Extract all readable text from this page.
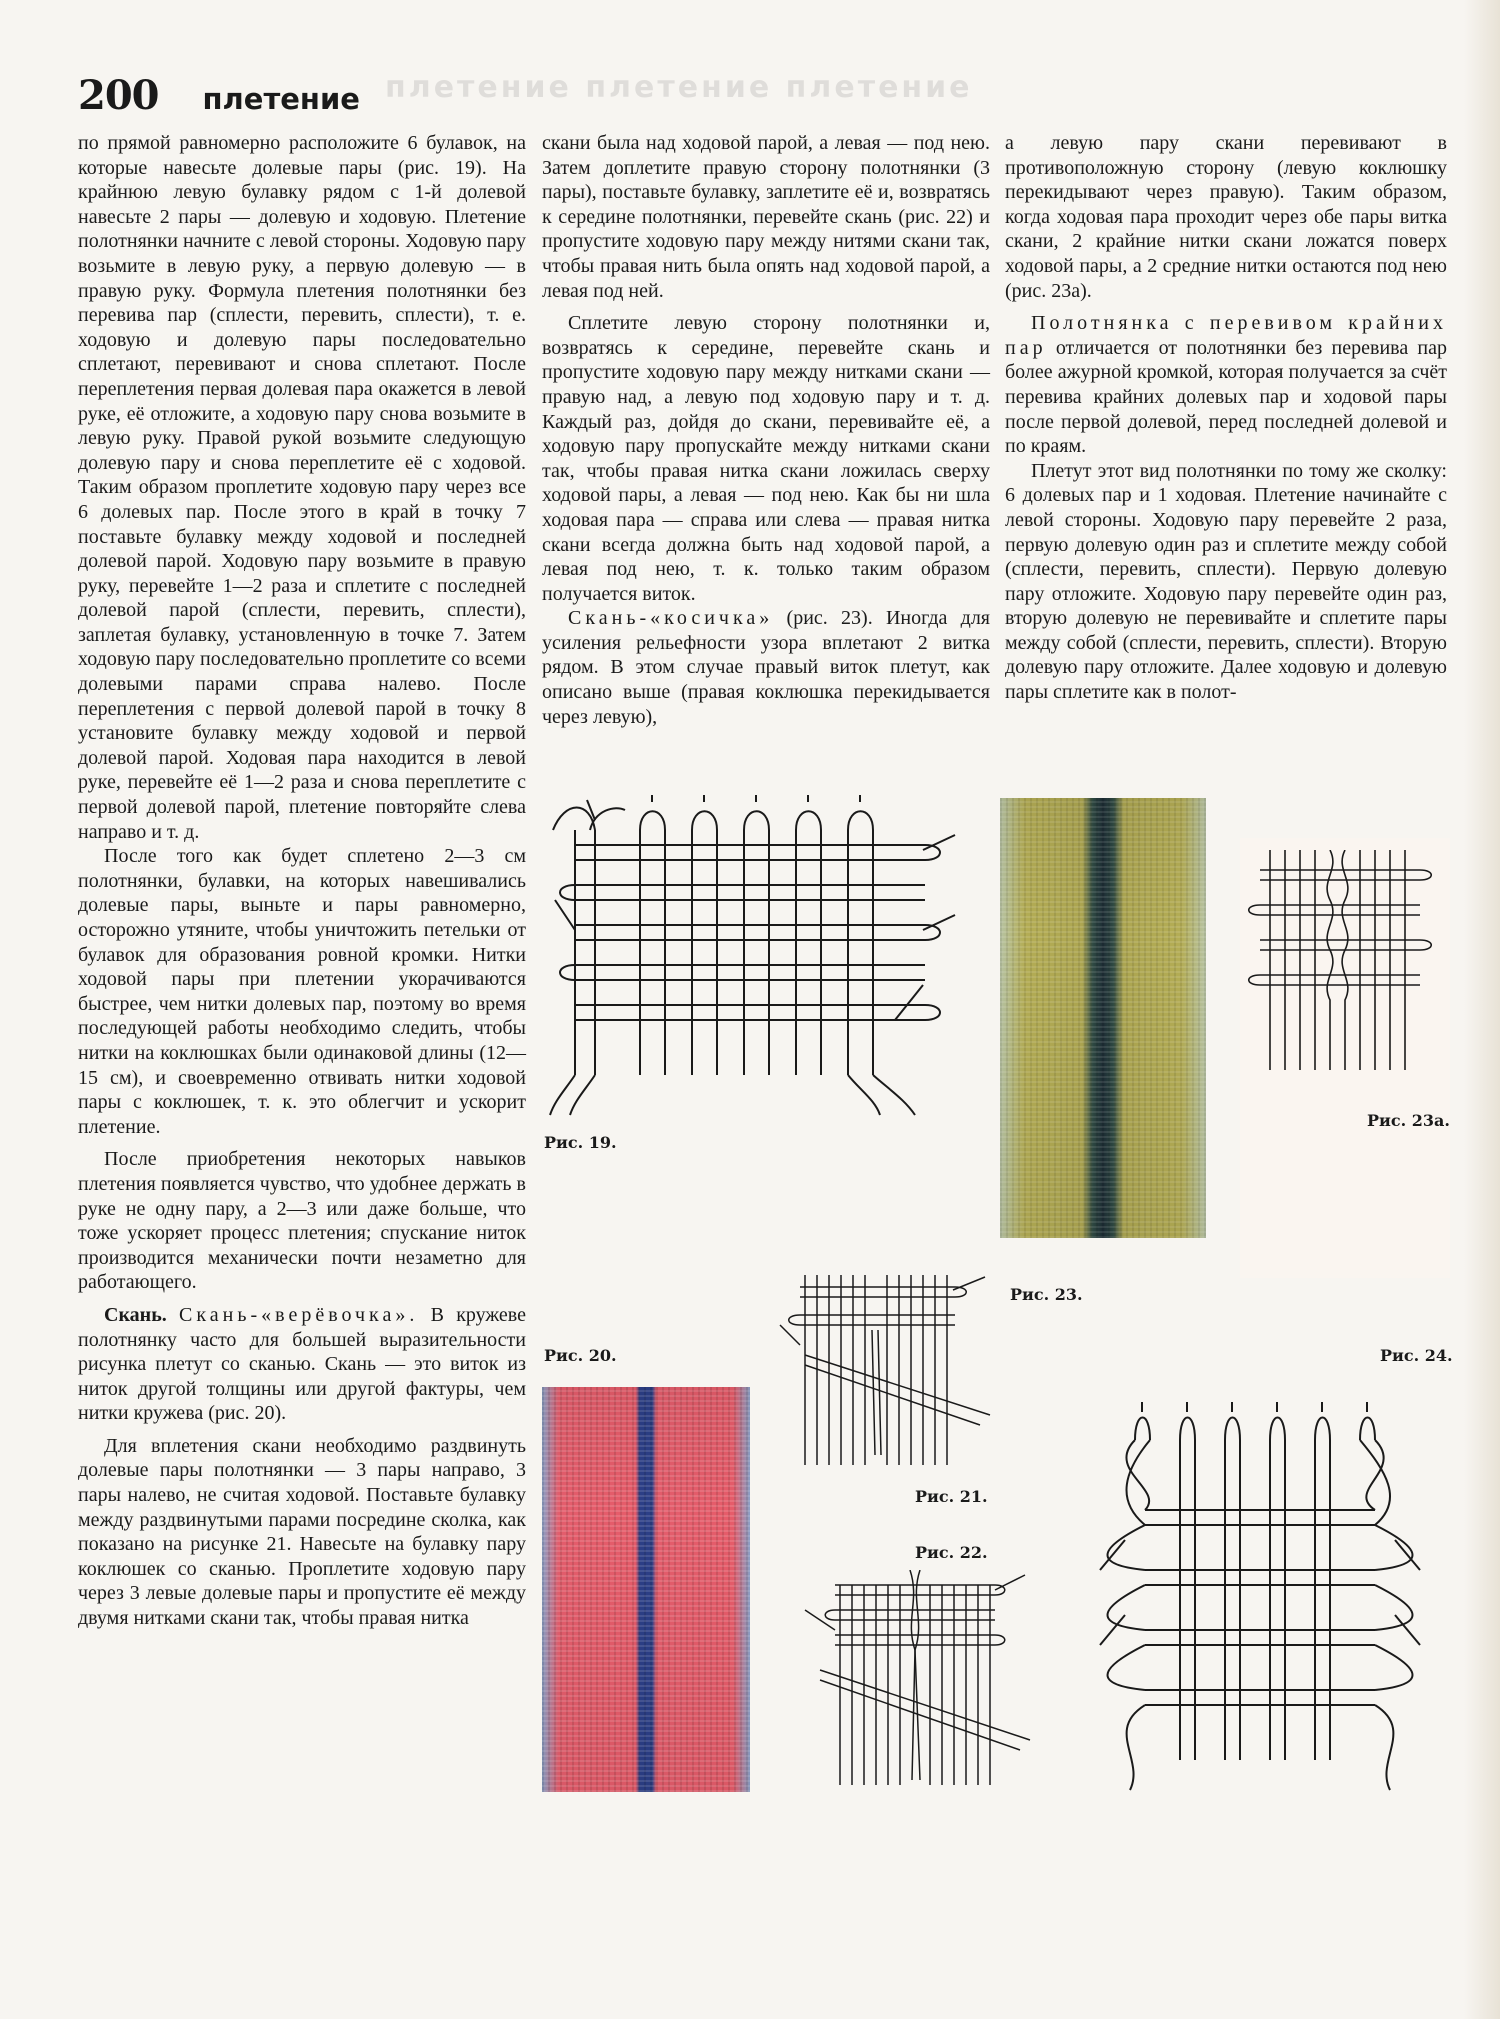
плетение плетение плетение
200 плетение

по прямой равномерно расположите 6 булавок, на которые навесьте долевые пары (рис. 19). На крайнюю левую булавку рядом с 1-й долевой навесьте 2 пары — долевую и ходовую. Плетение полотнянки начните с левой стороны. Ходовую пару возьмите в левую руку, а первую долевую — в правую руку. Формула плетения полотнянки без перевива пар (сплести, перевить, сплести), т. е. ходовую и долевую пары последовательно сплетают, перевивают и снова сплетают. После переплетения первая долевая пара окажется в левой руке, её отложите, а ходовую пару снова возьмите в левую руку. Правой рукой возьмите следующую долевую пару и снова переплетите её с ходовой. Таким образом проплетите ходовую пару через все 6 долевых пар. После этого в край в точку 7 поставьте булавку между ходовой и последней долевой парой. Ходовую пару возьмите в правую руку, перевейте 1—2 раза и сплетите с последней долевой парой (сплести, перевить, сплести), заплетая булавку, установленную в точке 7. Затем ходовую пару последовательно проплетите со всеми долевыми парами справа налево. После переплетения с первой долевой парой в точку 8 установите булавку между ходовой и первой долевой парой. Ходовая пара находится в левой руке, перевейте её 1—2 раза и снова переплетите с первой долевой парой, плетение повторяйте слева направо и т. д.

После того как будет сплетено 2—3 см полотнянки, булавки, на которых навешивались долевые пары, выньте и пары равномерно, осторожно утяните, чтобы уничтожить петельки от булавок для образования ровной кромки. Нитки ходовой пары при плетении укорачиваются быстрее, чем нитки долевых пар, поэтому во время последующей работы необходимо следить, чтобы нитки на коклюшках были одинаковой длины (12—15 см), и своевременно отвивать нитки ходовой пары с коклюшек, т. к. это облегчит и ускорит плетение.

После приобретения некоторых навыков плетения появляется чувство, что удобнее держать в руке не одну пару, а 2—3 или даже больше, что тоже ускоряет процесс плетения; спускание ниток производится механически почти незаметно для работающего.

Скань. Скань-«верёвочка». В кружеве полотнянку часто для большей выразительности рисунка плетут со сканью. Скань — это виток из ниток другой толщины или другой фактуры, чем нитки кружева (рис. 20).

Для вплетения скани необходимо раздвинуть долевые пары полотнянки — 3 пары направо, 3 пары налево, не считая ходовой. Поставьте булавку между раздвинутыми парами посредине сколка, как показано на рисунке 21. Навесьте на булавку пару коклюшек со сканью. Проплетите ходовую пару через 3 левые долевые пары и пропустите её между двумя нитками скани так, чтобы правая нитка

скани была над ходовой парой, а левая — под нею. Затем доплетите правую сторону полотнянки (3 пары), поставьте булавку, заплетите её и, возвратясь к середине полотнянки, перевейте скань (рис. 22) и пропустите ходовую пару между нитями скани так, чтобы правая нить была опять над ходовой парой, а левая под ней.

Сплетите левую сторону полотнянки и, возвратясь к середине, перевейте скань и пропустите ходовую пару между нитками скани — правую над, а левую под ходовую пару и т. д. Каждый раз, дойдя до скани, перевивайте её, а ходовую пару пропускайте между нитками скани так, чтобы правая нитка скани ложилась сверху ходовой пары, а левая — под нею. Как бы ни шла ходовая пара — справа или слева — правая нитка скани всегда должна быть над ходовой парой, а левая под нею, т. к. только таким образом получается виток.

Скань-«косичка» (рис. 23). Иногда для усиления рельефности узора вплетают 2 витка рядом. В этом случае правый виток плетут, как описано выше (правая коклюшка перекидывается через левую),

а левую пару скани перевивают в противоположную сторону (левую коклюшку перекидывают через правую). Таким образом, когда ходовая пара проходит через обе пары витка скани, 2 крайние нитки скани ложатся поверх ходовой пары, а 2 средние нитки остаются под нею (рис. 23а).

Полотнянка с перевивом крайних пар отличается от полотнянки без перевива пар более ажурной кромкой, которая получается за счёт перевива крайних долевых пар и ходовой пары после первой долевой, перед последней долевой и по краям.

Плетут этот вид полотнянки по тому же сколку: 6 долевых пар и 1 ходовая. Плетение начинайте с левой стороны. Ходовую пару перевейте 2 раза, первую долевую один раз и сплетите между собой (сплести, перевить, сплести). Первую долевую пару отложите. Ходовую пару перевейте один раз, вторую долевую не перевивайте и сплетите пары между собой (сплести, перевить, сплести). Вторую долевую пару отложите. Далее ходовую и долевую пары сплетите как в полот-

Рис. 19.
Рис. 20.
Рис. 23.
Рис. 23а.
Рис. 21.
Рис. 22.
Рис. 24.
